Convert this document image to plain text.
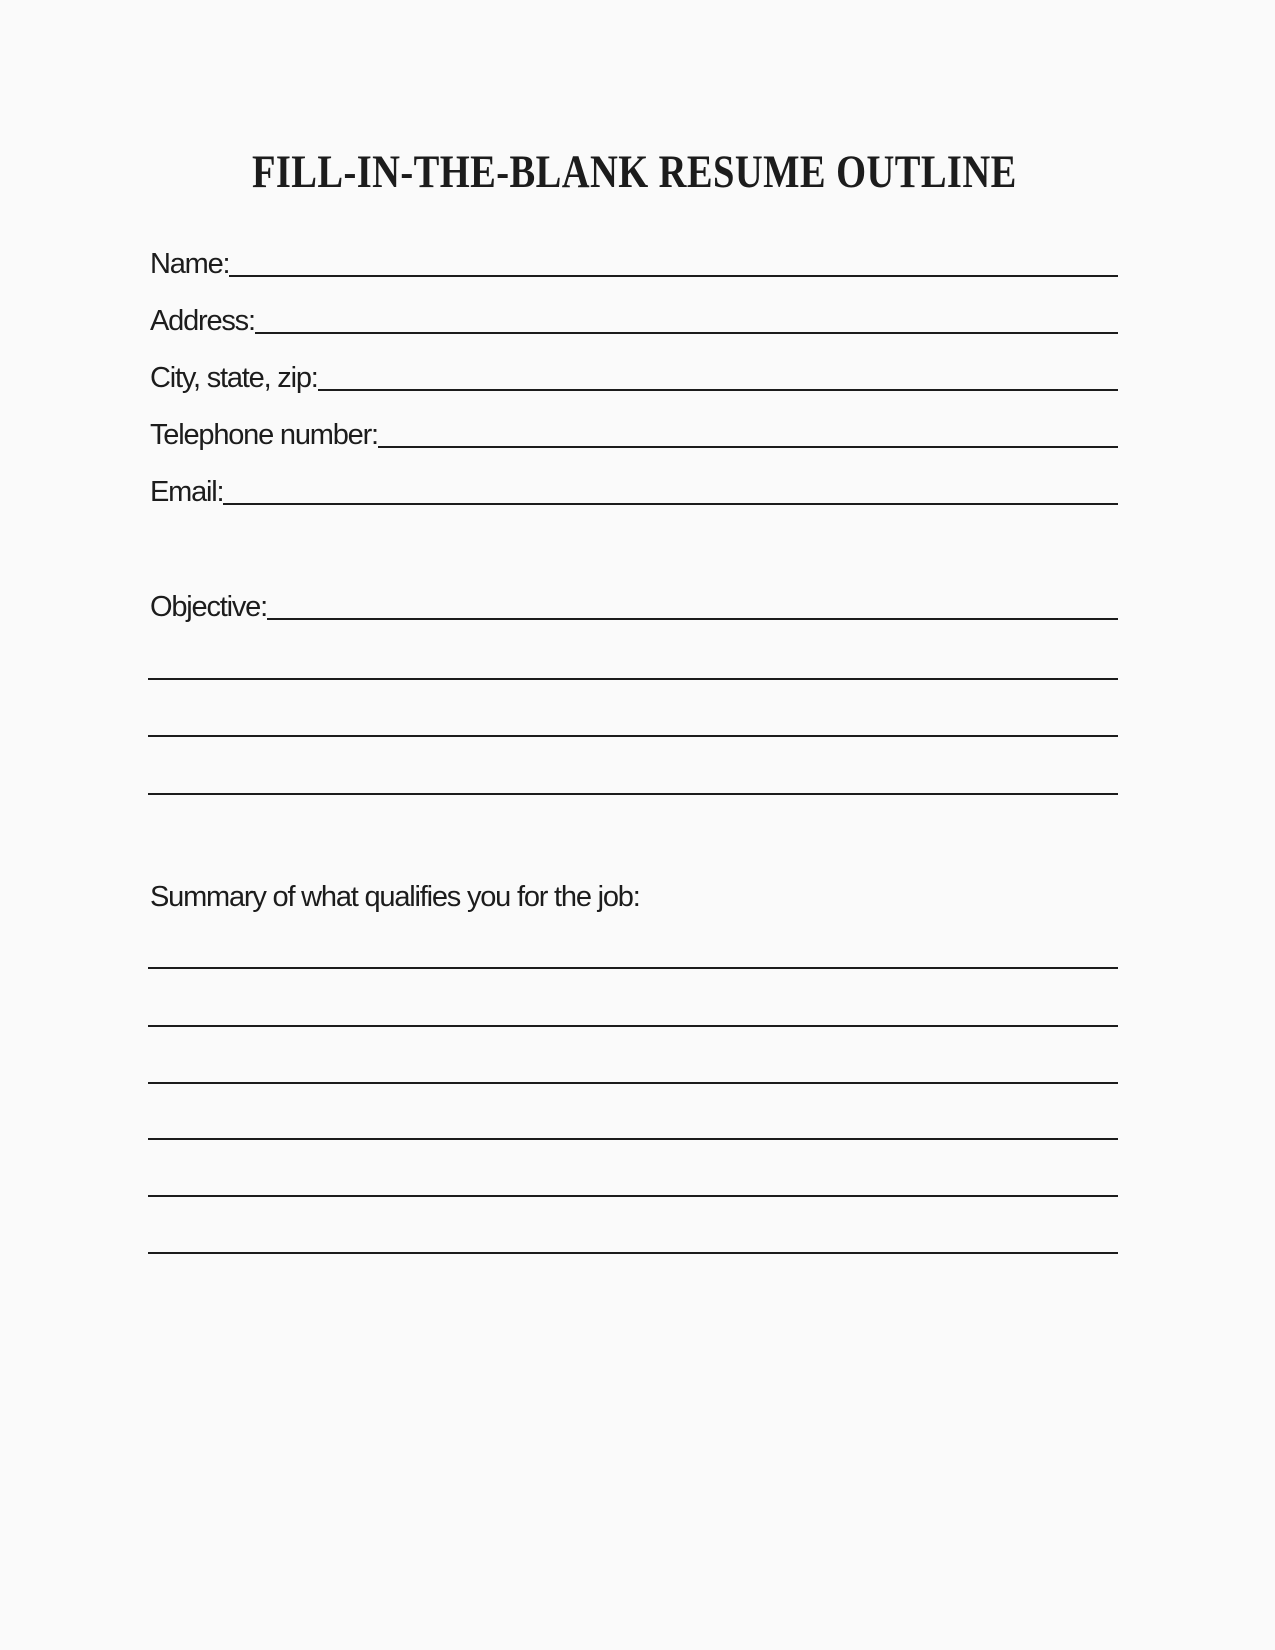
FILL-IN-THE-BLANK RESUME OUTLINE
Name:
Address:
City, state, zip:
Telephone number:
Email:
Objective:
Summary of what qualifies you for the job:
